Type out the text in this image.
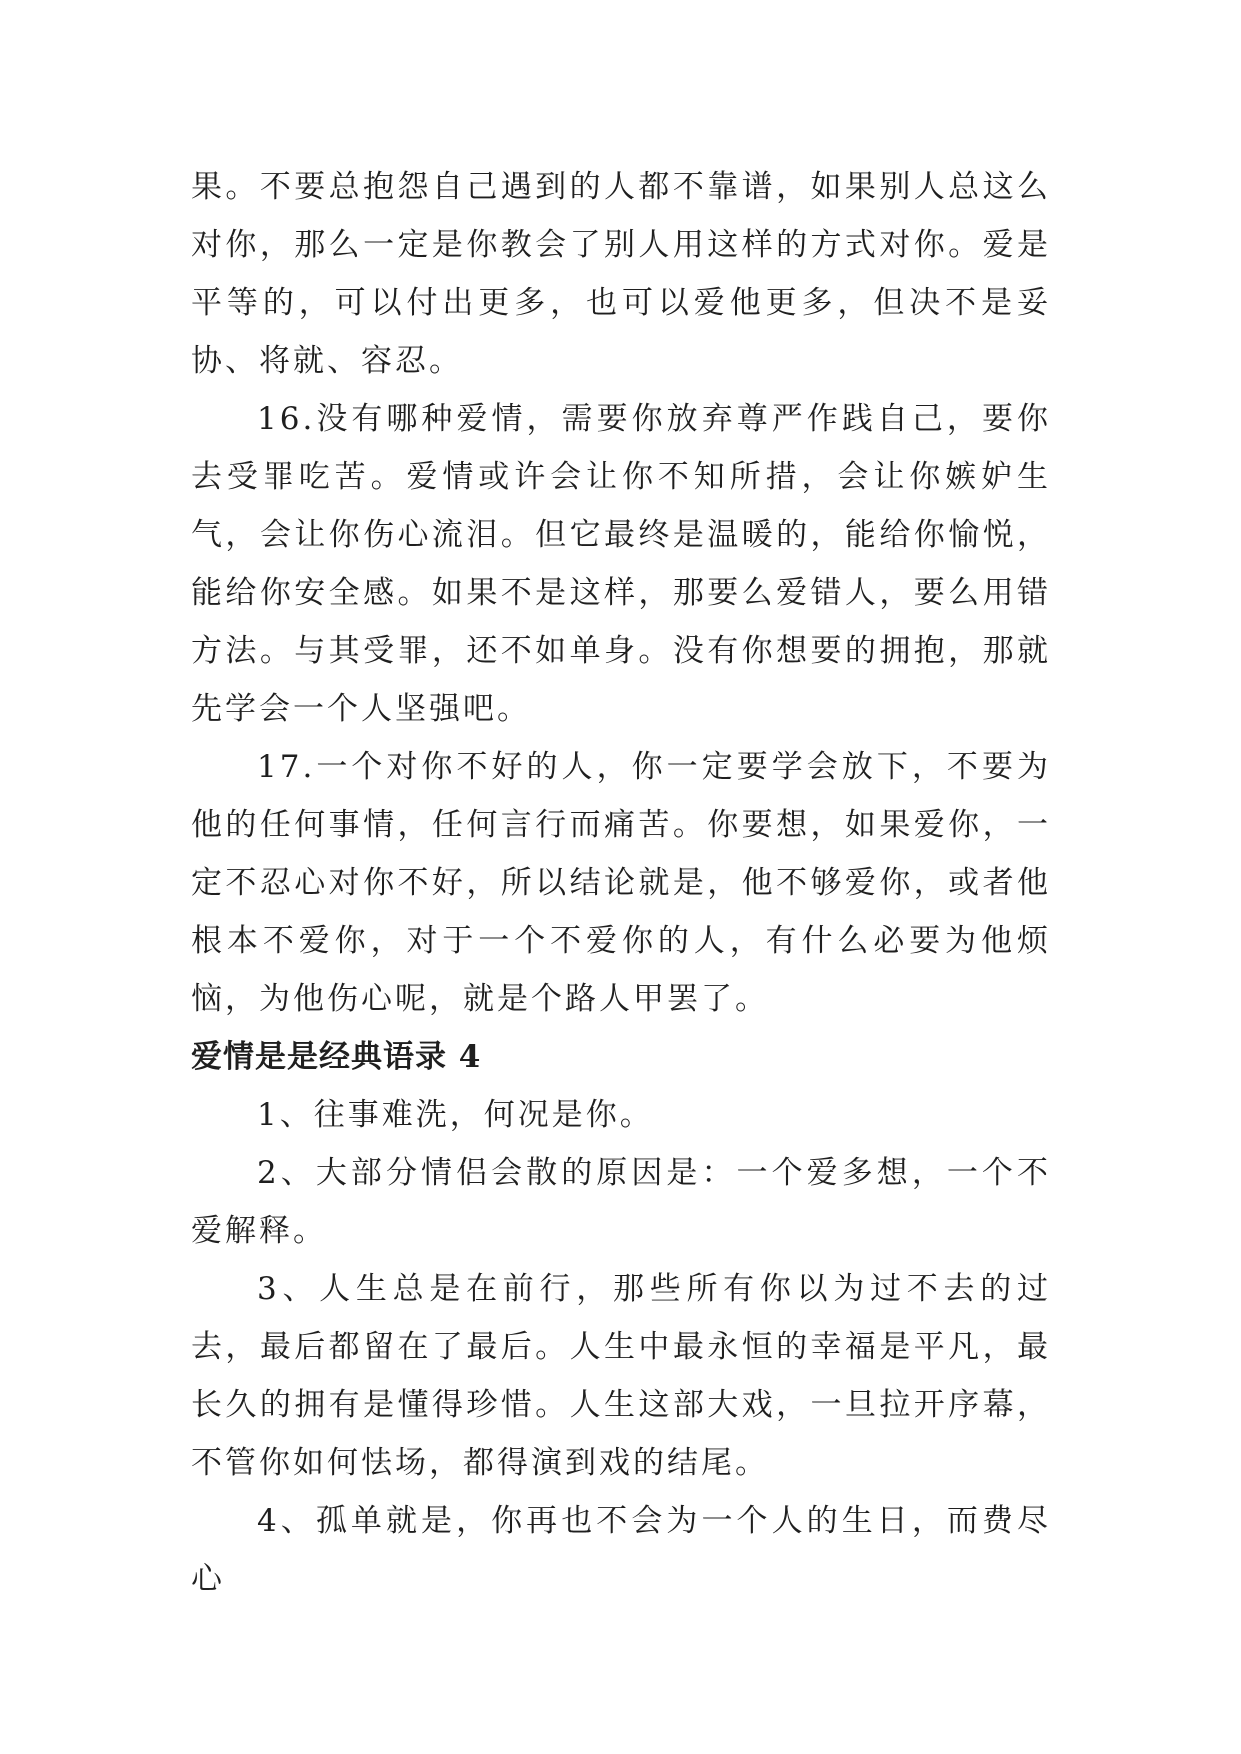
果。不要总抱怨自己遇到的人都不靠谱，如果别人总这么对你，那么一定是你教会了别人用这样的方式对你。爱是平等的，可以付出更多，也可以爱他更多，但决不是妥协、将就、容忍。

16.没有哪种爱情，需要你放弃尊严作践自己，要你去受罪吃苦。爱情或许会让你不知所措，会让你嫉妒生气，会让你伤心流泪。但它最终是温暖的，能给你愉悦，能给你安全感。如果不是这样，那要么爱错人，要么用错方法。与其受罪，还不如单身。没有你想要的拥抱，那就先学会一个人坚强吧。

17.一个对你不好的人，你一定要学会放下，不要为他的任何事情，任何言行而痛苦。你要想，如果爱你，一定不忍心对你不好，所以结论就是，他不够爱你，或者他根本不爱你，对于一个不爱你的人，有什么必要为他烦恼，为他伤心呢，就是个路人甲罢了。

爱情是是经典语录 4

1、往事难洗，何况是你。

2、大部分情侣会散的原因是：一个爱多想，一个不爱解释。

3、人生总是在前行，那些所有你以为过不去的过去，最后都留在了最后。人生中最永恒的幸福是平凡，最长久的拥有是懂得珍惜。人生这部大戏，一旦拉开序幕，不管你如何怯场，都得演到戏的结尾。

4、孤单就是，你再也不会为一个人的生日，而费尽心
